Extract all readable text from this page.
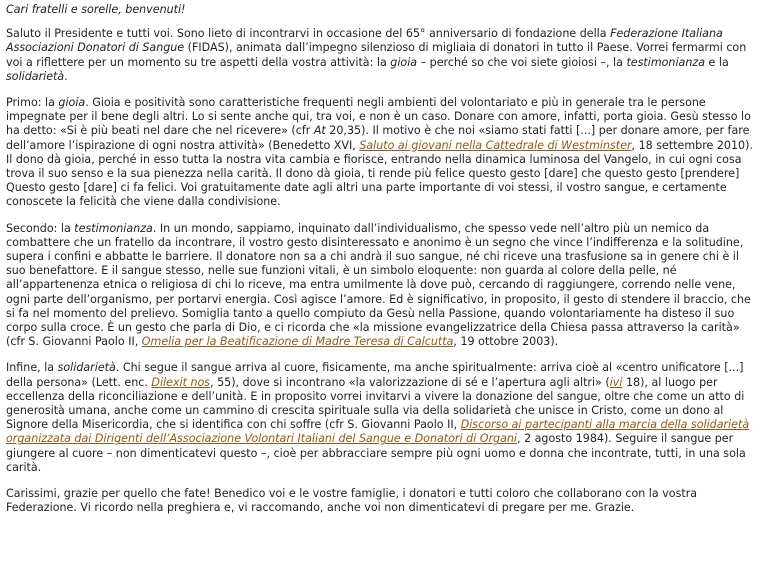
Cari fratelli e sorelle, benvenuti!

Saluto il Presidente e tutti voi. Sono lieto di incontrarvi in occasione del 65° anniversario di fondazione della Federazione Italiana Associazioni Donatori di Sangue (FIDAS), animata dall’impegno silenzioso di migliaia di donatori in tutto il Paese. Vorrei fermarmi con voi a riflettere per un momento su tre aspetti della vostra attività: la gioia – perché so che voi siete gioiosi –, la testimonianza e la solidarietà.

Primo: la gioia. Gioia e positività sono caratteristiche frequenti negli ambienti del volontariato e più in generale tra le persone impegnate per il bene degli altri. Lo si sente anche qui, tra voi, e non è un caso. Donare con amore, infatti, porta gioia. Gesù stesso lo ha detto: «Si è più beati nel dare che nel ricevere» (cfr At 20,35). Il motivo è che noi «siamo stati fatti [...] per donare amore, per fare dell’amore l’ispirazione di ogni nostra attività» (Benedetto XVI, Saluto ai giovani nella Cattedrale di Westminster, 18 settembre 2010). Il dono dà gioia, perché in esso tutta la nostra vita cambia e fiorisce, entrando nella dinamica luminosa del Vangelo, in cui ogni cosa trova il suo senso e la sua pienezza nella carità. Il dono dà gioia, ti rende più felice questo gesto [dare] che questo gesto [prendere] Questo gesto [dare] ci fa felici. Voi gratuitamente date agli altri una parte importante di voi stessi, il vostro sangue, e certamente conoscete la felicità che viene dalla condivisione.

Secondo: la testimonianza. In un mondo, sappiamo, inquinato dall’individualismo, che spesso vede nell’altro più un nemico da combattere che un fratello da incontrare, il vostro gesto disinteressato e anonimo è un segno che vince l’indifferenza e la solitudine, supera i confini e abbatte le barriere. Il donatore non sa a chi andrà il suo sangue, né chi riceve una trasfusione sa in genere chi è il suo benefattore. E il sangue stesso, nelle sue funzioni vitali, è un simbolo eloquente: non guarda al colore della pelle, né all’appartenenza etnica o religiosa di chi lo riceve, ma entra umilmente là dove può, cercando di raggiungere, correndo nelle vene, ogni parte dell’organismo, per portarvi energia. Così agisce l’amore. Ed è significativo, in proposito, il gesto di stendere il braccio, che si fa nel momento del prelievo. Somiglia tanto a quello compiuto da Gesù nella Passione, quando volontariamente ha disteso il suo corpo sulla croce. È un gesto che parla di Dio, e ci ricorda che «la missione evangelizzatrice della Chiesa passa attraverso la carità» (cfr S. Giovanni Paolo II, Omelia per la Beatificazione di Madre Teresa di Calcutta, 19 ottobre 2003).

Infine, la solidarietà. Chi segue il sangue arriva al cuore, fisicamente, ma anche spiritualmente: arriva cioè al «centro unificatore [...] della persona» (Lett. enc. Dilexit nos, 55), dove si incontrano «la valorizzazione di sé e l’apertura agli altri» (ivi 18), al luogo per eccellenza della riconciliazione e dell’unità. E in proposito vorrei invitarvi a vivere la donazione del sangue, oltre che come un atto di generosità umana, anche come un cammino di crescita spirituale sulla via della solidarietà che unisce in Cristo, come un dono al Signore della Misericordia, che si identifica con chi soffre (cfr S. Giovanni Paolo II, Discorso ai partecipanti alla marcia della solidarietà organizzata dai Dirigenti dell’Associazione Volontari Italiani del Sangue e Donatori di Organi, 2 agosto 1984). Seguire il sangue per giungere al cuore – non dimenticatevi questo –, cioè per abbracciare sempre più ogni uomo e donna che incontrate, tutti, in una sola carità.

Carissimi, grazie per quello che fate! Benedico voi e le vostre famiglie, i donatori e tutti coloro che collaborano con la vostra Federazione. Vi ricordo nella preghiera e, vi raccomando, anche voi non dimenticatevi di pregare per me. Grazie.
